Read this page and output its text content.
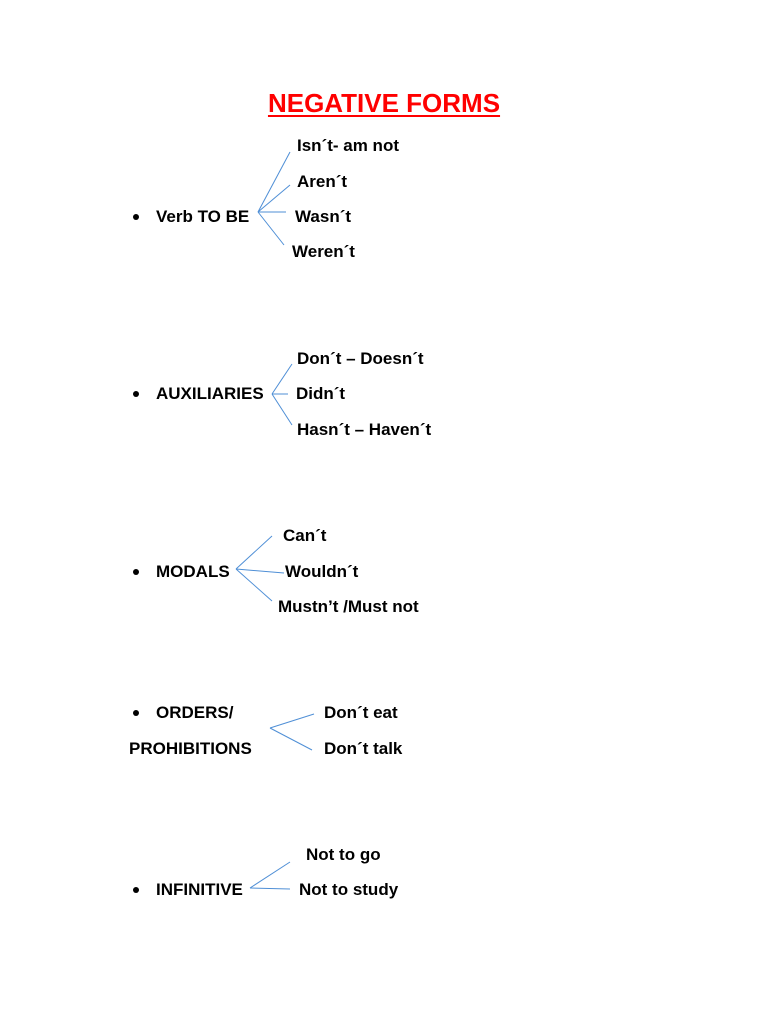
NEGATIVE FORMS
Verb TO BE
Isn´t- am not
Aren´t
Wasn´t
Weren´t
AUXILIARIES
Don´t – Doesn´t
Didn´t
Hasn´t – Haven´t
MODALS
Can´t
Wouldn´t
Mustn’t /Must not
ORDERS/
PROHIBITIONS
Don´t eat
Don´t talk
INFINITIVE
Not to go
Not to study
